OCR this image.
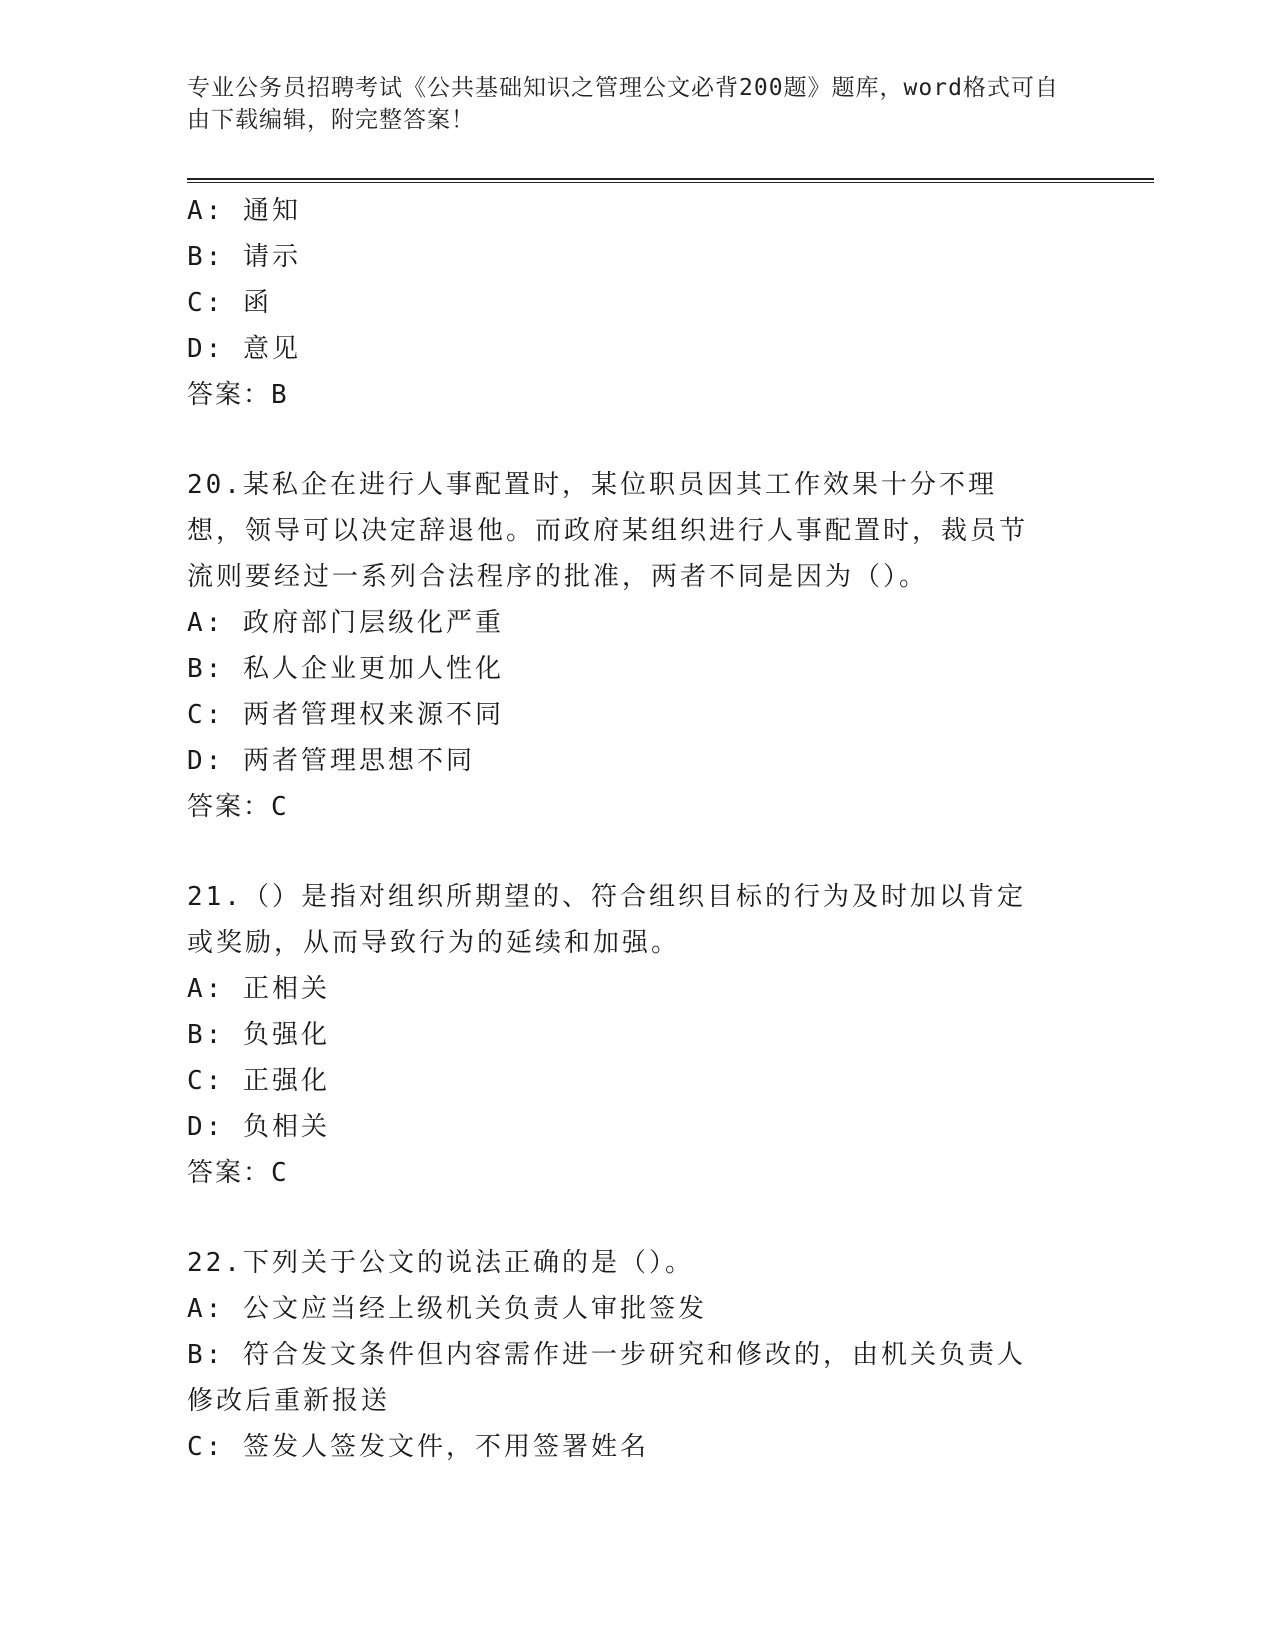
专业公务员招聘考试《公共基础知识之管理公文必背200题》题库，word格式可自由下载编辑，附完整答案！
A: 通知
B: 请示
C: 函
D: 意见
答案：B
20.某私企在进行人事配置时，某位职员因其工作效果十分不理想，领导可以决定辞退他。而政府某组织进行人事配置时，裁员节流则要经过一系列合法程序的批准，两者不同是因为（）。
A: 政府部门层级化严重
B: 私人企业更加人性化
C: 两者管理权来源不同
D: 两者管理思想不同
答案：C
21.（）是指对组织所期望的、符合组织目标的行为及时加以肯定或奖励，从而导致行为的延续和加强。
A: 正相关
B: 负强化
C: 正强化
D: 负相关
答案：C
22.下列关于公文的说法正确的是（）。
A: 公文应当经上级机关负责人审批签发
B: 符合发文条件但内容需作进一步研究和修改的，由机关负责人修改后重新报送
C: 签发人签发文件，不用签署姓名
